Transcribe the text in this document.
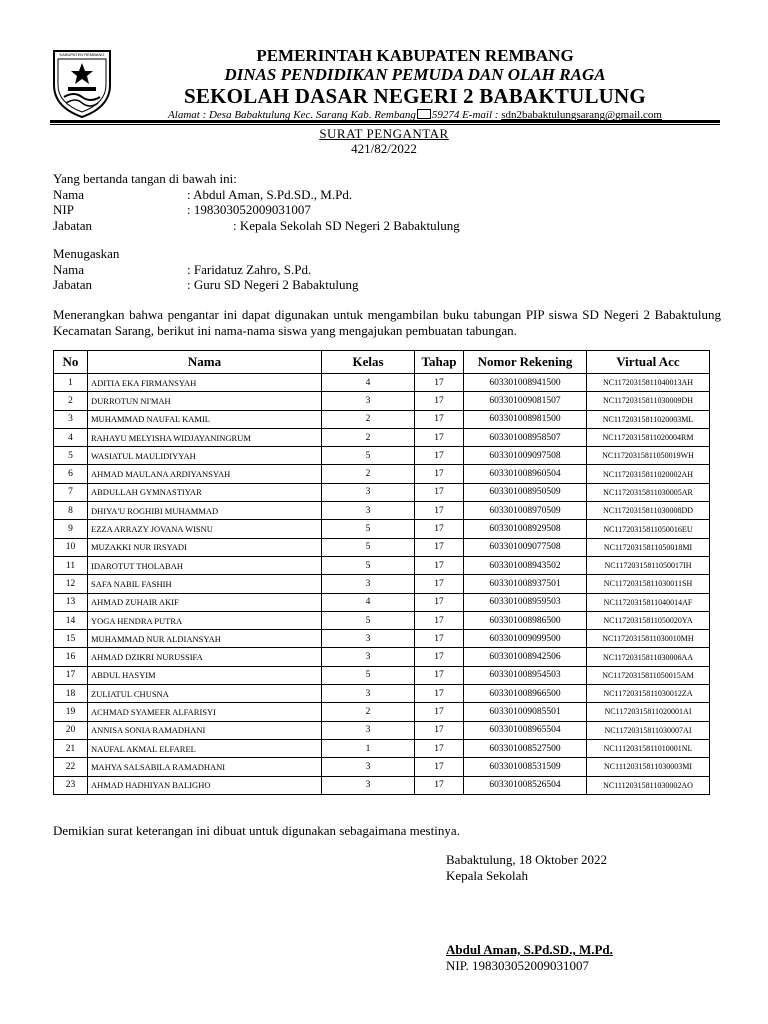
KABUPATEN REMBANG	PEMERINTAH KABUPATEN REMBANG
DINAS PENDIDIKAN PEMUDA DAN OLAH RAGA
SEKOLAH DASAR NEGERI 2 BABAKTULUNG
Alamat : Desa Babaktulung Kec. Sarang Kab. Rembang 59274 E-mail : sdn2babaktulungsarang@gmail.com
SURAT PENGANTAR
421/82/2022
Yang bertanda tangan di bawah ini:
Nama	: Abdul Aman, S.Pd.SD., M.Pd.
NIP	: 198303052009031007
Jabatan	: Kepala Sekolah SD Negeri 2 Babaktulung
Menugaskan
Nama	: Faridatuz Zahro, S.Pd.
Jabatan	: Guru SD Negeri 2 Babaktulung
Menerangkan bahwa pengantar ini dapat digunakan untuk mengambilan buku tabungan PIP siswa SD Negeri 2 Babaktulung Kecamatan Sarang, berikut ini nama-nama siswa yang mengajukan pembuatan tabungan.
No	Nama	Kelas	Tahap	Nomor Rekening	Virtual Acc
1	ADITIA EKA FIRMANSYAH	4	17	603301008941500	NC11720315811040013AH
2	DURROTUN NI'MAH	3	17	603301009081507	NC11720315811030009DH
3	MUHAMMAD NAUFAL KAMIL	2	17	603301008981500	NC11720315811020003ML
4	RAHAYU MELYISHA WIDJAYANINGRUM	2	17	603301008958507	NC11720315811020004RM
5	WASIATUL MAULIDIYYAH	5	17	603301009097508	NC11720315811050019WH
6	AHMAD MAULANA ARDIYANSYAH	2	17	603301008960504	NC11720315811020002AH
7	ABDULLAH GYMNASTIYAR	3	17	603301008950509	NC11720315811030005AR
8	DHIYA'U ROGHIBI MUHAMMAD	3	17	603301008970509	NC11720315811030008DD
9	EZZA ARRAZY JOVANA WISNU	5	17	603301008929508	NC11720315811050016EU
10	MUZAKKI NUR IRSYADI	5	17	603301009077508	NC11720315811050018MI
11	IDAROTUT THOLABAH	5	17	603301008943502	NC11720315811050017IH
12	SAFA NABIL FASHIH	3	17	603301008937501	NC11720315811030011SH
13	AHMAD ZUHAIR AKIF	4	17	603301008959503	NC11720315811040014AF
14	YOGA HENDRA PUTRA	5	17	603301008986500	NC11720315811050020YA
15	MUHAMMAD NUR ALDIANSYAH	3	17	603301009099500	NC11720315811030010MH
16	AHMAD DZIKRI NURUSSIFA	3	17	603301008942506	NC11720315811030006AA
17	ABDUL HASYIM	5	17	603301008954503	NC11720315811050015AM
18	ZULIATUL CHUSNA	3	17	603301008966500	NC11720315811030012ZA
19	ACHMAD SYAMEER ALFARISYI	2	17	603301009085501	NC11720315811020001AI
20	ANNISA SONIA RAMADHANI	3	17	603301008965504	NC11720315811030007AI
21	NAUFAL AKMAL ELFAREL	1	17	603301008527500	NC11120315811010001NL
22	MAHYA SALSABILA RAMADHANI	3	17	603301008531509	NC11120315811030003MI
23	AHMAD HADHIYAN BALIGHO	3	17	603301008526504	NC11120315811030002AO
Demikian surat keterangan ini dibuat untuk digunakan sebagaimana mestinya.
Babaktulung, 18 Oktober 2022
Kepala Sekolah
Abdul Aman, S.Pd.SD., M.Pd.
NIP. 198303052009031007
